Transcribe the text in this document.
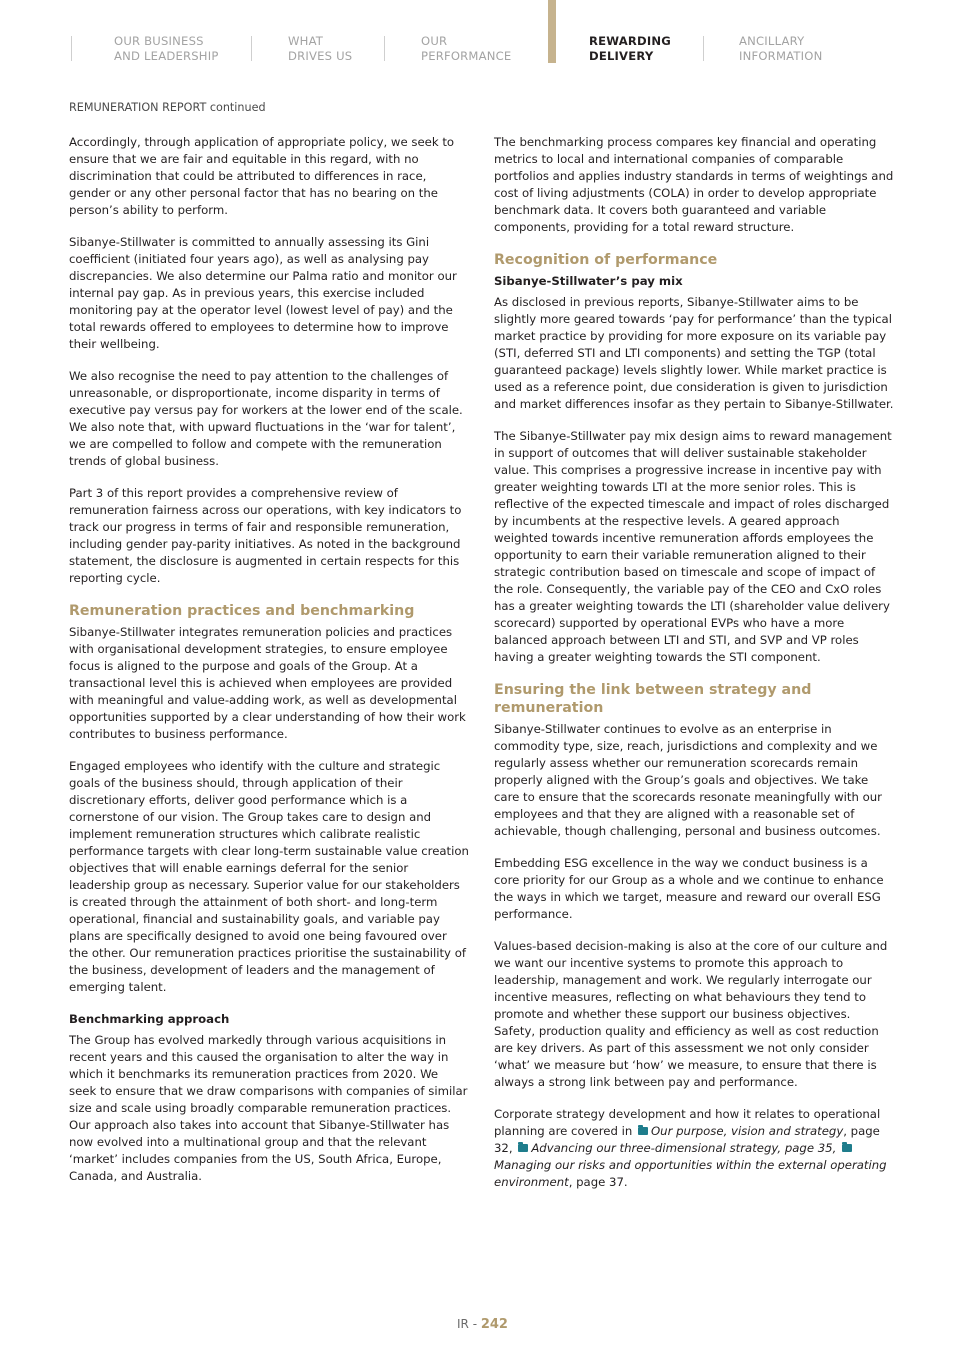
OUR BUSINESS
AND LEADERSHIP
WHAT
DRIVES US
OUR
PERFORMANCE
REWARDING
DELIVERY
ANCILLARY
INFORMATION
REMUNERATION REPORT continued

Accordingly, through application of appropriate policy, we seek to ensure that we are fair and equitable in this regard, with no discrimination that could be attributed to differences in race, gender or any other personal factor that has no bearing on the person’s ability to perform.

Sibanye-Stillwater is committed to annually assessing its Gini coefficient (initiated four years ago), as well as analysing pay discrepancies. We also determine our Palma ratio and monitor our internal pay gap. As in previous years, this exercise included monitoring pay at the operator level (lowest level of pay) and the total rewards offered to employees to determine how to improve their wellbeing.

We also recognise the need to pay attention to the challenges of unreasonable, or disproportionate, income disparity in terms of executive pay versus pay for workers at the lower end of the scale. We also note that, with upward fluctuations in the ‘war for talent’, we are compelled to follow and compete with the remuneration trends of global business.

Part 3 of this report provides a comprehensive review of remuneration fairness across our operations, with key indicators to track our progress in terms of fair and responsible remuneration, including gender pay-parity initiatives. As noted in the background statement, the disclosure is augmented in certain respects for this reporting cycle.

Remuneration practices and benchmarking

Sibanye-Stillwater integrates remuneration policies and practices with organisational development strategies, to ensure employee focus is aligned to the purpose and goals of the Group. At a transactional level this is achieved when employees are provided with meaningful and value-adding work, as well as developmental opportunities supported by a clear understanding of how their work contributes to business performance.

Engaged employees who identify with the culture and strategic goals of the business should, through application of their discretionary efforts, deliver good performance which is a cornerstone of our vision. The Group takes care to design and implement remuneration structures which calibrate realistic performance targets with clear long-term sustainable value creation objectives that will enable earnings deferral for the senior leadership group as necessary. Superior value for our stakeholders is created through the attainment of both short- and long-term operational, financial and sustainability goals, and variable pay plans are specifically designed to avoid one being favoured over the other. Our remuneration practices prioritise the sustainability of the business, development of leaders and the management of emerging talent.

Benchmarking approach

The Group has evolved markedly through various acquisitions in recent years and this caused the organisation to alter the way in which it benchmarks its remuneration practices from 2020. We seek to ensure that we draw comparisons with companies of similar size and scale using broadly comparable remuneration practices.

Our approach also takes into account that Sibanye-Stillwater has now evolved into a multinational group and that the relevant ‘market’ includes companies from the US, South Africa, Europe, Canada, and Australia.

The benchmarking process compares key financial and operating metrics to local and international companies of comparable portfolios and applies industry standards in terms of weightings and cost of living adjustments (COLA) in order to develop appropriate benchmark data. It covers both guaranteed and variable components, providing for a total reward structure.

Recognition of performance
Sibanye-Stillwater’s pay mix

As disclosed in previous reports, Sibanye-Stillwater aims to be slightly more geared towards ‘pay for performance’ than the typical market practice by providing for more exposure on its variable pay (STI, deferred STI and LTI components) and setting the TGP (total guaranteed package) levels slightly lower. While market practice is used as a reference point, due consideration is given to jurisdiction and market differences insofar as they pertain to Sibanye-Stillwater.

The Sibanye-Stillwater pay mix design aims to reward management in support of outcomes that will deliver sustainable stakeholder value. This comprises a progressive increase in incentive pay with greater weighting towards LTI at the more senior roles. This is reflective of the expected timescale and impact of roles discharged by incumbents at the respective levels. A geared approach weighted towards incentive remuneration affords employees the opportunity to earn their variable remuneration aligned to their strategic contribution based on timescale and scope of impact of the role. Consequently, the variable pay of the CEO and CxO roles has a greater weighting towards the LTI (shareholder value delivery scorecard) supported by operational EVPs who have a more balanced approach between LTI and STI, and SVP and VP roles having a greater weighting towards the STI component.

Ensuring the link between strategy and remuneration

Sibanye-Stillwater continues to evolve as an enterprise in commodity type, size, reach, jurisdictions and complexity and we regularly assess whether our remuneration scorecards remain properly aligned with the Group’s goals and objectives. We take care to ensure that the scorecards resonate meaningfully with our employees and that they are aligned with a reasonable set of achievable, though challenging, personal and business outcomes.

Embedding ESG excellence in the way we conduct business is a core priority for our Group as a whole and we continue to enhance the ways in which we target, measure and reward our overall ESG performance.

Values-based decision-making is also at the core of our culture and we want our incentive systems to promote this approach to leadership, management and work. We regularly interrogate our incentive measures, reflecting on what behaviours they tend to promote and whether these support our business objectives. Safety, production quality and efficiency as well as cost reduction are key drivers. As part of this assessment we not only consider ‘what’ we measure but ‘how’ we measure, to ensure that there is always a strong link between pay and performance.

Corporate strategy development and how it relates to operational planning are covered in Our purpose, vision and strategy, page 32, Advancing our three-dimensional strategy, page 35, Managing our risks and opportunities within the external operating environment, page 37.

IR - 242
